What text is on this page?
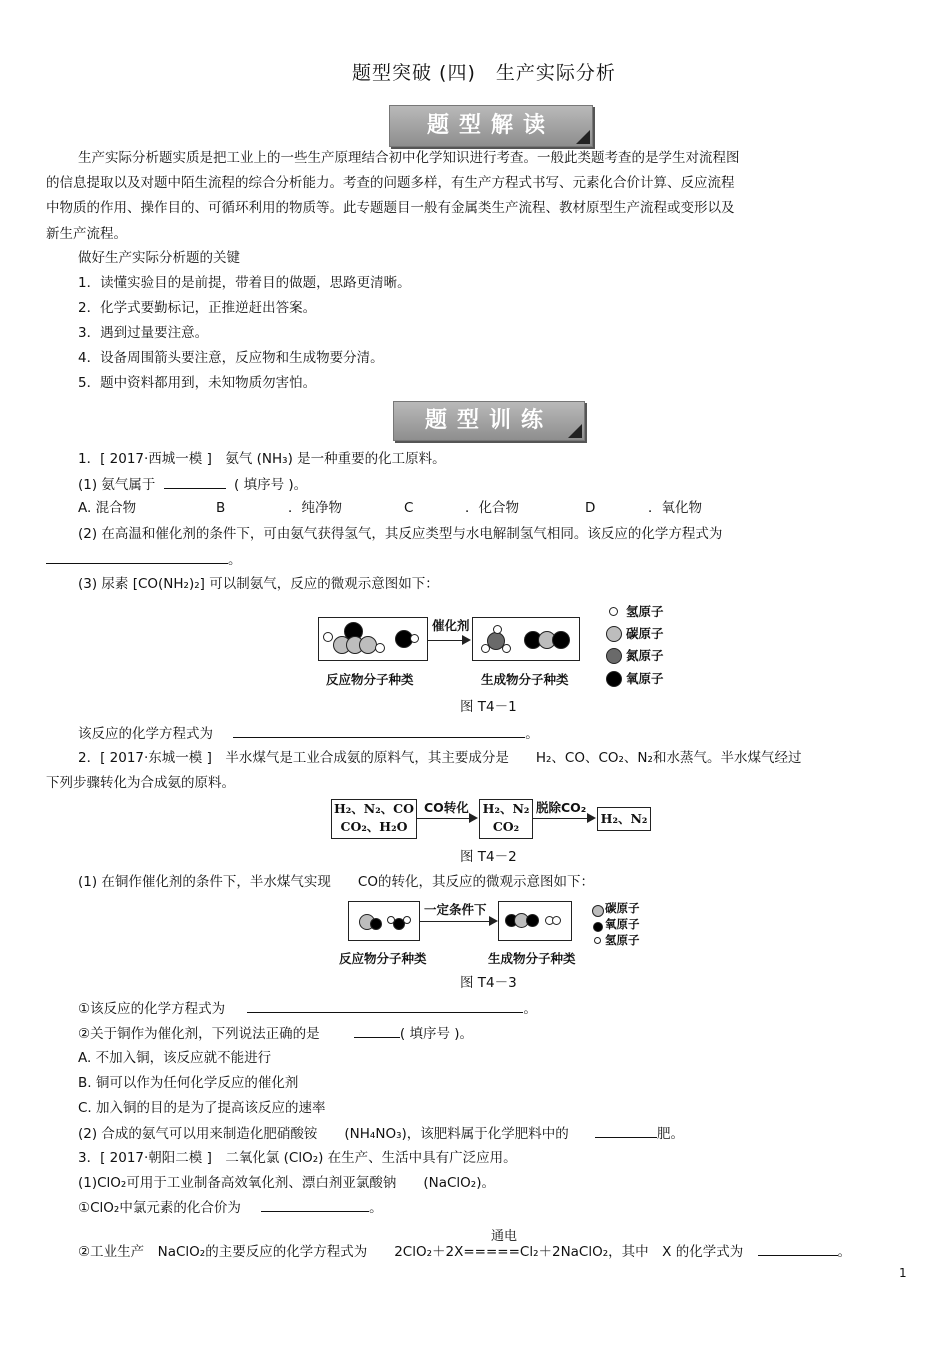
题型突破 (四)　生产实际分析
题型解读
生产实际分析题实质是把工业上的一些生产原理结合初中化学知识进行考查。一般此类题考查的是学生对流程图
的信息提取以及对题中陌生流程的综合分析能力。考查的问题多样，有生产方程式书写、元素化合价计算、反应流程
中物质的作用、操作目的、可循环利用的物质等。此专题题目一般有金属类生产流程、教材原型生产流程或变形以及
新生产流程。
做好生产实际分析题的关键
1．读懂实验目的是前提，带着目的做题，思路更清晰。
2．化学式要勤标记，正推逆赶出答案。
3．遇到过量要注意。
4．设备周围箭头要注意，反应物和生成物要分清。
5．题中资料都用到，未知物质勿害怕。
题型训练
1．[ 2017·西城一模 ]　氨气 (NH₃) 是一种重要的化工原料。
(1) 氨气属于	( 填序号 )。
A. 混合物	B	．纯净物	C	．化合物	D	．氧化物
(2) 在高温和催化剂的条件下，可由氨气获得氢气，其反应类型与水电解制氢气相同。该反应的化学方程式为
。
(3) 尿素 [CO(NH₂)₂] 可以制氨气，反应的微观示意图如下：
催化剂
反应物分子种类	生成物分子种类
氢原子
碳原子
氮原子
氧原子
图 T4－1
该反应的化学方程式为	。
2．[ 2017·东城一模 ]　半水煤气是工业合成氨的原料气，其主要成分是　　H₂、CO、CO₂、N₂和水蒸气。半水煤气经过
下列步骤转化为合成氨的原料。
H₂、N₂、CO
CO₂、H₂O
CO转化 H₂、N₂
CO₂
脱除CO₂
H₂、N₂
图 T4－2
(1) 在铜作催化剂的条件下，半水煤气实现　　CO的转化，其反应的微观示意图如下：
一定条件下	碳原子
氧原子
氢原子
反应物分子种类	生成物分子种类
图 T4－3
①该反应的化学方程式为	。
②关于铜作为催化剂，下列说法正确的是	( 填序号 )。
A. 不加入铜，该反应就不能进行
B. 铜可以作为任何化学反应的催化剂
C. 加入铜的目的是为了提高该反应的速率
(2) 合成的氨气可以用来制造化肥硝酸铵　　(NH₄NO₃)，该肥料属于化学肥料中的	肥。
3．[ 2017·朝阳二模 ]　二氧化氯 (ClO₂) 在生产、生活中具有广泛应用。
(1)ClO₂可用于工业制备高效氧化剂、漂白剂亚氯酸钠　　(NaClO₂)。
①ClO₂中氯元素的化合价为	。
通电
②工业生产　NaClO₂的主要反应的化学方程式为　　2ClO₂＋2X=====Cl₂＋2NaClO₂，其中　X 的化学式为	。
1
